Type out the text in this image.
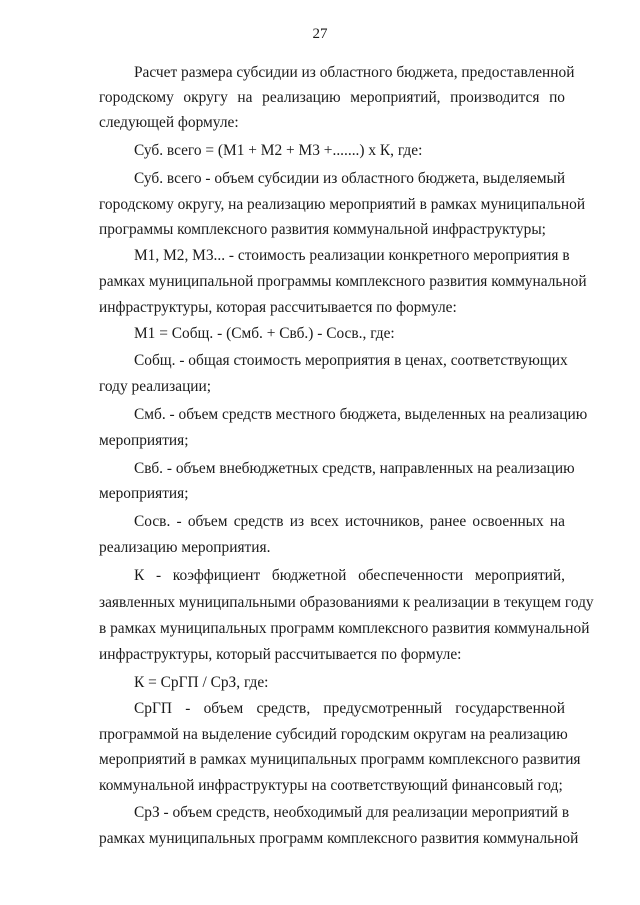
27
Расчет размера субсидии из областного бюджета, предоставленной
городскому округу на реализацию мероприятий, производится по
следующей формуле:
Суб. всего = (М1 + М2 + М3 +.......) х К, где:
Суб. всего - объем субсидии из областного бюджета, выделяемый
городскому округу, на реализацию мероприятий в рамках муниципальной
программы комплексного развития коммунальной инфраструктуры;
М1, М2, М3... - стоимость реализации конкретного мероприятия в
рамках муниципальной программы комплексного развития коммунальной
инфраструктуры, которая рассчитывается по формуле:
М1 = Собщ. - (Смб. + Свб.) - Сосв., где:
Собщ. - общая стоимость мероприятия в ценах, соответствующих
году реализации;
Смб. - объем средств местного бюджета, выделенных на реализацию
мероприятия;
Свб. - объем внебюджетных средств, направленных на реализацию
мероприятия;
Сосв. - объем средств из всех источников, ранее освоенных на
реализацию мероприятия.
К - коэффициент бюджетной обеспеченности мероприятий,
заявленных муниципальными образованиями к реализации в текущем году
в рамках муниципальных программ комплексного развития коммунальной
инфраструктуры, который рассчитывается по формуле:
К = СрГП / СрЗ, где:
СрГП - объем средств, предусмотренный государственной
программой на выделение субсидий городским округам на реализацию
мероприятий в рамках муниципальных программ комплексного развития
коммунальной инфраструктуры на соответствующий финансовый год;
СрЗ - объем средств, необходимый для реализации мероприятий в
рамках муниципальных программ комплексного развития коммунальной
